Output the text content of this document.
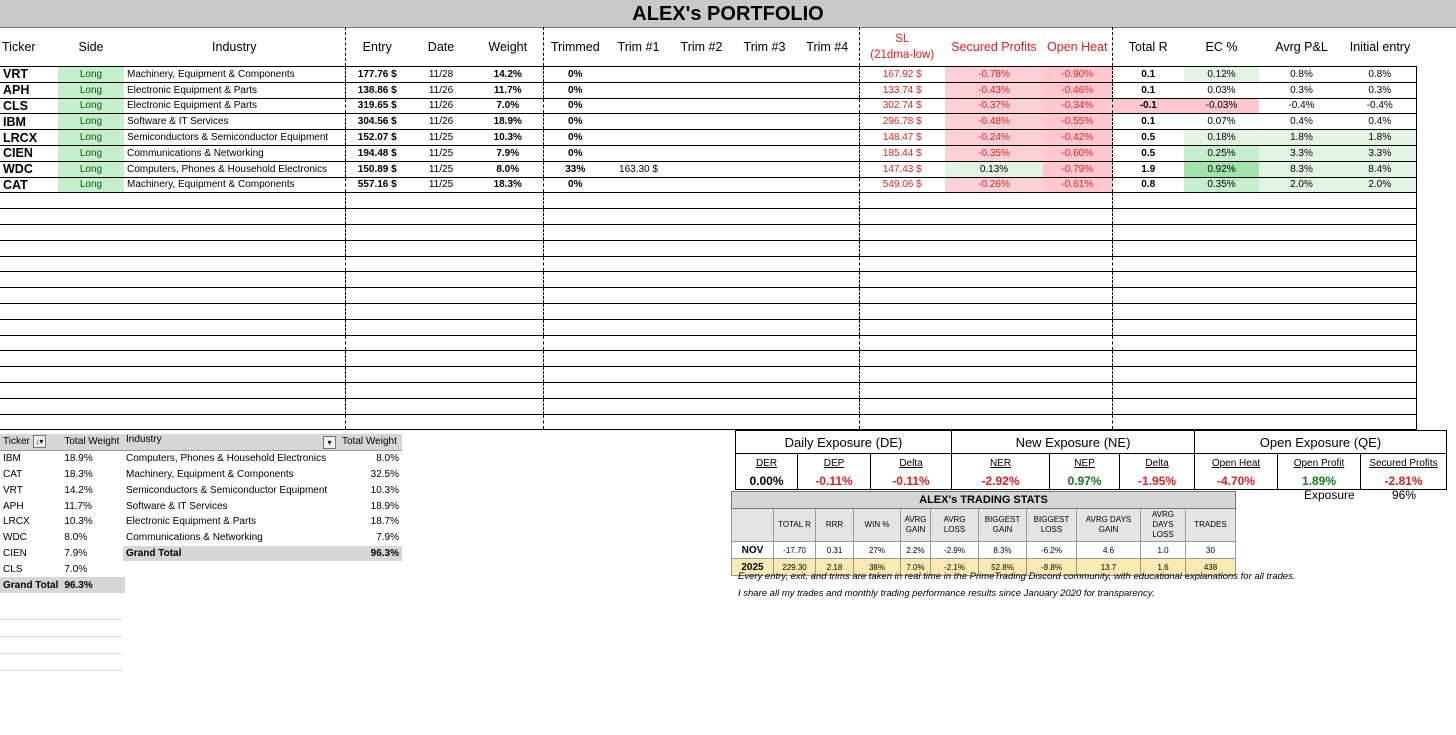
ALEX's PORTFOLIO
Ticker	Side	Industry	Entry	Date	Weight	Trimmed	Trim #1	Trim #2	Trim #3	Trim #4	SL
(21dma-low)	Secured Profits	Open Heat	Total R	EC %	Avrg P&L	Initial entry
VRT	Long	Machinery, Equipment & Components	177.76 $	11/28	14.2%	0%					167.92 $	-0.78%	-0.90%	0.1	0.12%	0.8%	0.8%
APH	Long	Electronic Equipment & Parts	138.86 $	11/26	11.7%	0%					133.74 $	-0.43%	-0.46%	0.1	0.03%	0.3%	0.3%
CLS	Long	Electronic Equipment & Parts	319.65 $	11/26	7.0%	0%					302.74 $	-0.37%	-0.34%	-0.1	-0.03%	-0.4%	-0.4%
IBM	Long	Software & IT Services	304.56 $	11/26	18.9%	0%					296.78 $	-0.48%	-0.55%	0.1	0.07%	0.4%	0.4%
LRCX	Long	Semiconductors & Semiconductor Equipment	152.07 $	11/25	10.3%	0%					148.47 $	-0.24%	-0.42%	0.5	0.18%	1.8%	1.8%
CIEN	Long	Communications & Networking	194.48 $	11/25	7.9%	0%					185.44 $	-0.35%	-0.60%	0.5	0.25%	3.3%	3.3%
WDC	Long	Computers, Phones & Household Electronics	150.89 $	11/25	8.0%	33%	163.30 $				147.43 $	0.13%	-0.79%	1.9	0.92%	8.3%	8.4%
CAT	Long	Machinery, Equipment & Components	557.16 $	11/25	18.3%	0%					549.06 $	-0.26%	-0.61%	0.8	0.35%	2.0%	2.0%

Ticker ↓▾	Total Weight
IBM	18.9%
CAT	18.3%
VRT	14.2%
APH	11.7%
LRCX	10.3%
WDC	8.0%
CIEN	7.9%
CLS	7.0%
Grand Total	96.3%
Industry ▾	Total Weight
Computers, Phones & Household Electronics	8.0%
Machinery, Equipment & Components	32.5%
Semiconductors & Semiconductor Equipment	10.3%
Software & IT Services	18.9%
Electronic Equipment & Parts	18.7%
Communications & Networking	7.9%
Grand Total	96.3%
Daily Exposure (DE)			New Exposure (NE)			Open Exposure (QE)		
DER	DEP	Delta	NER	NEP	Delta	Open Heat	Open Profit	Secured Profits
0.00%	-0.11%	-0.11%	-2.92%	0.97%	-1.95%	-4.70%	1.89%	-2.81%
Exposure	96%
ALEX's TRADING STATS										
	TOTAL R	RRR	WIN %	AVRG GAIN	AVRG LOSS	BIGGEST GAIN	BIGGEST LOSS	AVRG DAYS GAIN	AVRG DAYS LOSS	TRADES
NOV	-17.70	0.31	27%	2.2%	-2.9%	8.3%	-6.2%	4.6	1.0	30
2025	229.30	2.18	38%	7.0%	-2.1%	52.8%	-8.8%	13.7	1.6	438
Every entry, exit, and trims are taken in real time in the PrimeTrading Discord community, with educational explanations for all trades.
I share all my trades and monthly trading performance results since January 2020 for transparency.
